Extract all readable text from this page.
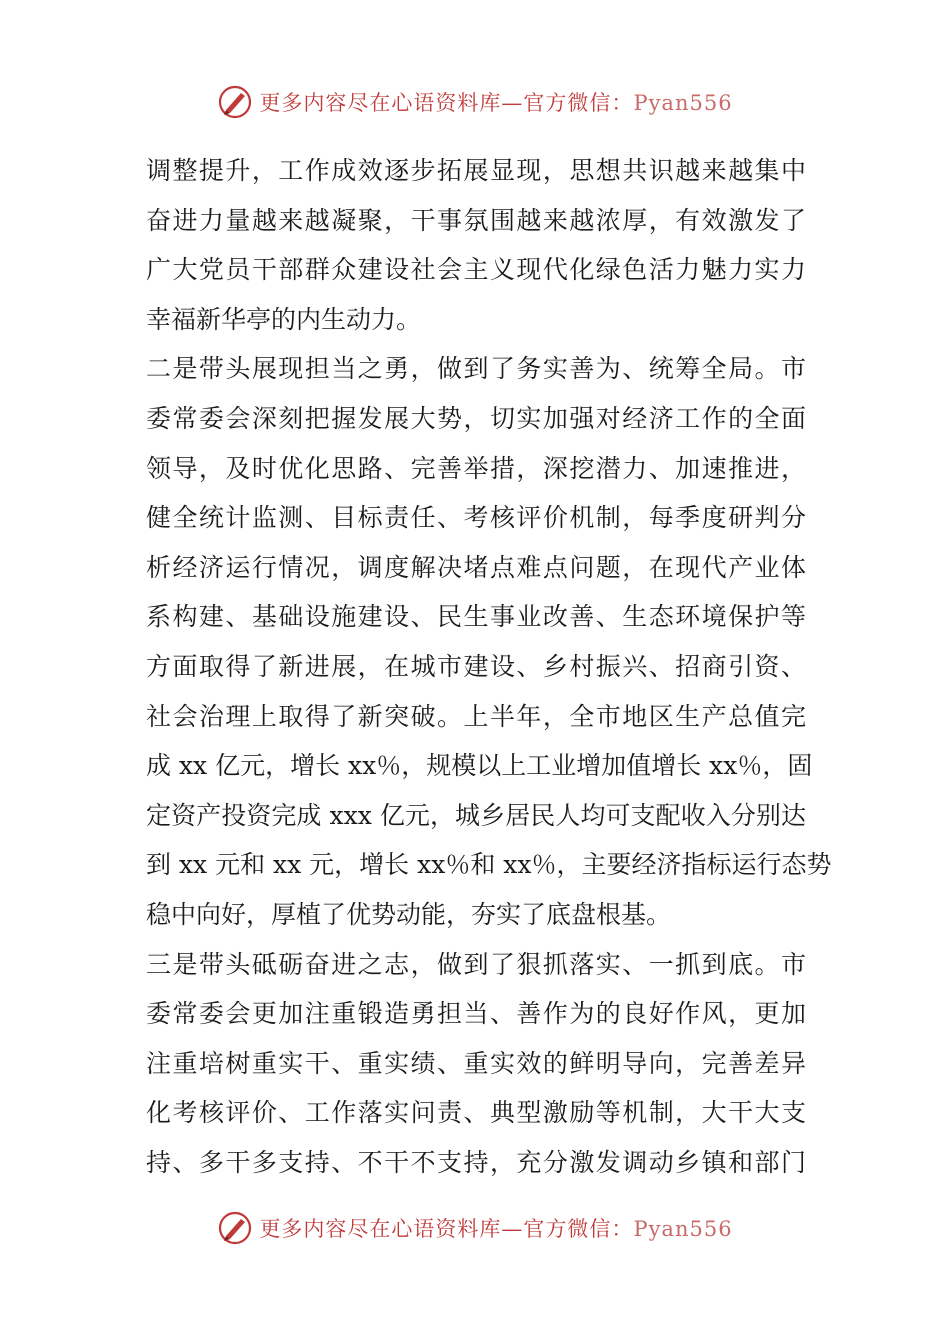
更多内容尽在心语资料库—官方微信：Pyan556
调整提升，工作成效逐步拓展显现，思想共识越来越集中
奋进力量越来越凝聚，干事氛围越来越浓厚，有效激发了
广大党员干部群众建设社会主义现代化绿色活力魅力实力
幸福新华亭的内生动力。
二是带头展现担当之勇，做到了务实善为、统筹全局。市
委常委会深刻把握发展大势，切实加强对经济工作的全面
领导，及时优化思路、完善举措，深挖潜力、加速推进，
健全统计监测、目标责任、考核评价机制，每季度研判分
析经济运行情况，调度解决堵点难点问题，在现代产业体
系构建、基础设施建设、民生事业改善、生态环境保护等
方面取得了新进展，在城市建设、乡村振兴、招商引资、
社会治理上取得了新突破。上半年，全市地区生产总值完
成 xx 亿元，增长 xx％，规模以上工业增加值增长 xx％，固
定资产投资完成 xxx 亿元，城乡居民人均可支配收入分别达
到 xx 元和 xx 元，增长 xx％和 xx％，主要经济指标运行态势
稳中向好，厚植了优势动能，夯实了底盘根基。
三是带头砥砺奋进之志，做到了狠抓落实、一抓到底。市
委常委会更加注重锻造勇担当、善作为的良好作风，更加
注重培树重实干、重实绩、重实效的鲜明导向，完善差异
化考核评价、工作落实问责、典型激励等机制，大干大支
持、多干多支持、不干不支持，充分激发调动乡镇和部门
更多内容尽在心语资料库—官方微信：Pyan556
